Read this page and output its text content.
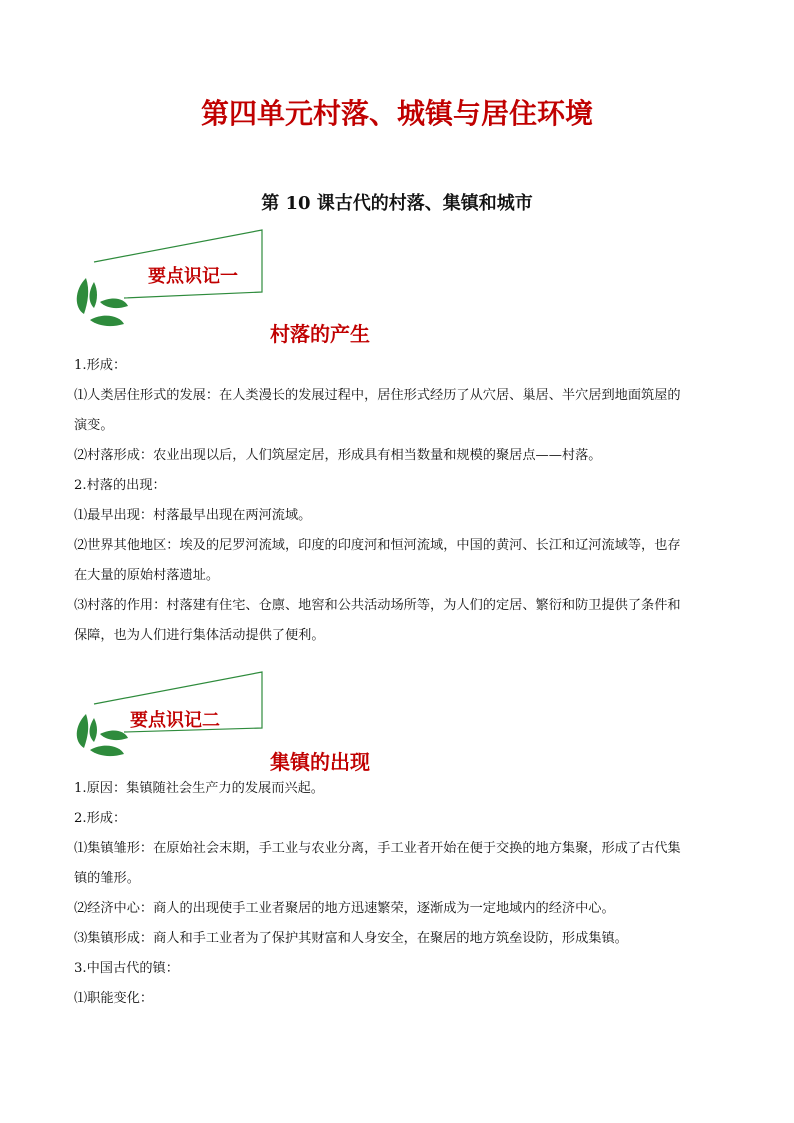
第四单元村落、城镇与居住环境
第 10 课古代的村落、集镇和城市
要点识记一
村落的产生
1.形成：
⑴人类居住形式的发展：在人类漫长的发展过程中，居住形式经历了从穴居、巢居、半穴居到地面筑屋的
演变。
⑵村落形成：农业出现以后，人们筑屋定居，形成具有相当数量和规模的聚居点——村落。
2.村落的出现：
⑴最早出现：村落最早出现在两河流域。
⑵世界其他地区：埃及的尼罗河流域，印度的印度河和恒河流域，中国的黄河、长江和辽河流域等，也存
在大量的原始村落遗址。
⑶村落的作用：村落建有住宅、仓廪、地窖和公共活动场所等，为人们的定居、繁衍和防卫提供了条件和
保障，也为人们进行集体活动提供了便利。
要点识记二
集镇的出现
1.原因：集镇随社会生产力的发展而兴起。
2.形成：
⑴集镇雏形：在原始社会末期，手工业与农业分离，手工业者开始在便于交换的地方集聚，形成了古代集
镇的雏形。
⑵经济中心：商人的出现使手工业者聚居的地方迅速繁荣，逐渐成为一定地域内的经济中心。
⑶集镇形成：商人和手工业者为了保护其财富和人身安全，在聚居的地方筑垒设防，形成集镇。
3.中国古代的镇：
⑴职能变化：
